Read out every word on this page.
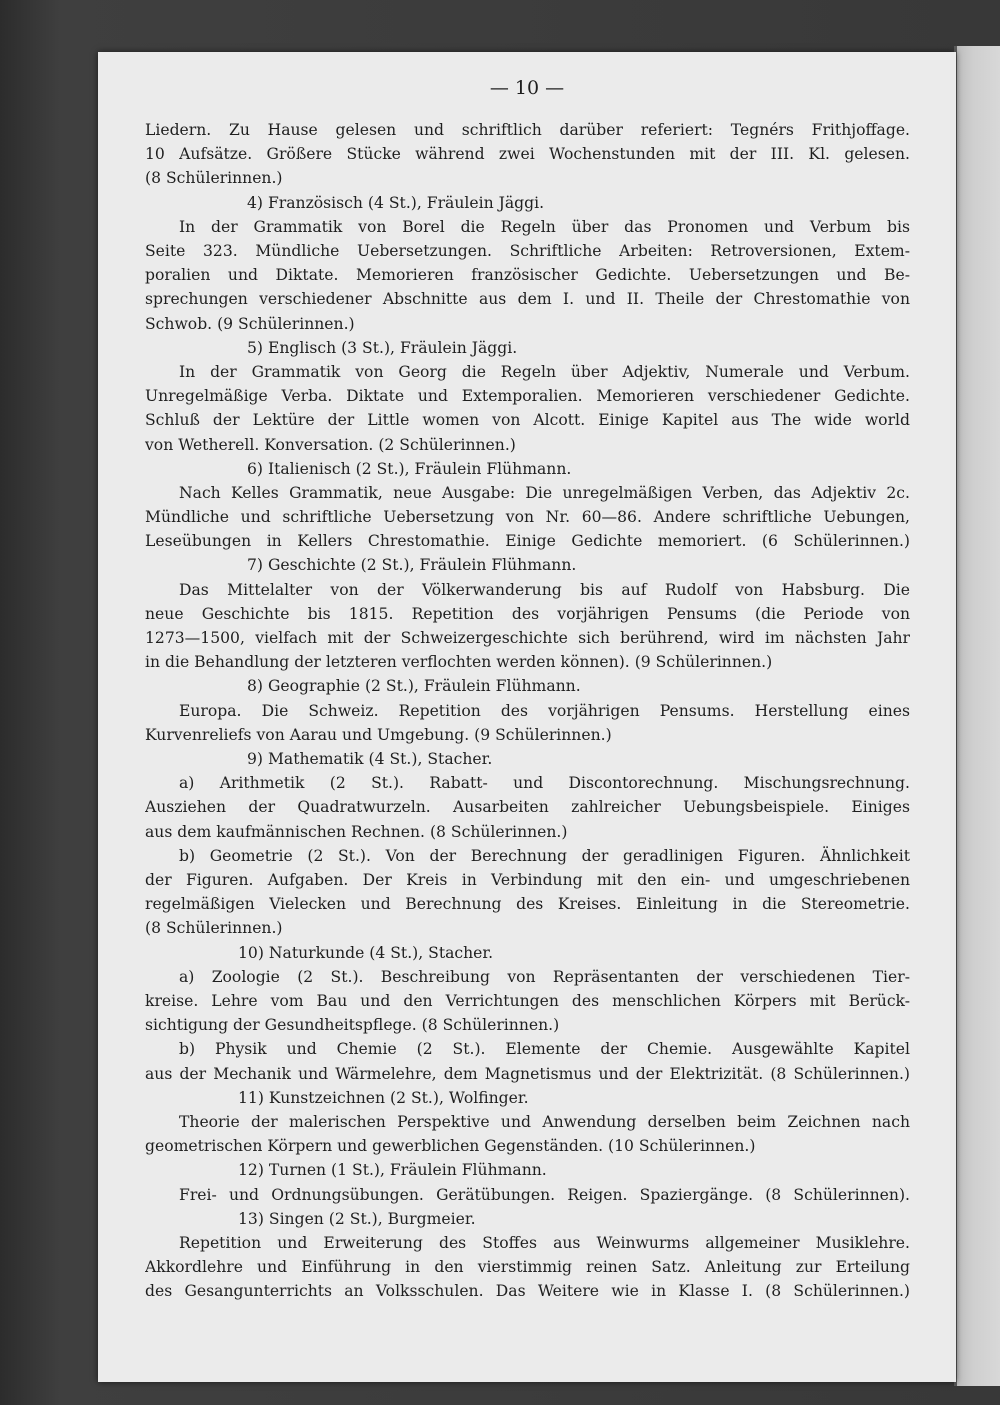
— 10 —
Liedern. Zu Hause gelesen und schriftlich darüber referiert: Tegnérs Frithjoffage.
10 Aufsätze. Größere Stücke während zwei Wochenstunden mit der III. Kl. gelesen.
(8 Schülerinnen.)
4) Französisch (4 St.), Fräulein Jäggi.
In der Grammatik von Borel die Regeln über das Pronomen und Verbum bis
Seite 323. Mündliche Uebersetzungen. Schriftliche Arbeiten: Retroversionen, Extem-
poralien und Diktate. Memorieren französischer Gedichte. Uebersetzungen und Be-
sprechungen verschiedener Abschnitte aus dem I. und II. Theile der Chrestomathie von
Schwob. (9 Schülerinnen.)
5) Englisch (3 St.), Fräulein Jäggi.
In der Grammatik von Georg die Regeln über Adjektiv, Numerale und Verbum.
Unregelmäßige Verba. Diktate und Extemporalien. Memorieren verschiedener Gedichte.
Schluß der Lektüre der Little women von Alcott. Einige Kapitel aus The wide world
von Wetherell. Konversation. (2 Schülerinnen.)
6) Italienisch (2 St.), Fräulein Flühmann.
Nach Kelles Grammatik, neue Ausgabe: Die unregelmäßigen Verben, das Adjektiv 2c.
Mündliche und schriftliche Uebersetzung von Nr. 60—86. Andere schriftliche Uebungen,
Leseübungen in Kellers Chrestomathie. Einige Gedichte memoriert. (6 Schülerinnen.)
7) Geschichte (2 St.), Fräulein Flühmann.
Das Mittelalter von der Völkerwanderung bis auf Rudolf von Habsburg. Die
neue Geschichte bis 1815. Repetition des vorjährigen Pensums (die Periode von
1273—1500, vielfach mit der Schweizergeschichte sich berührend, wird im nächsten Jahr
in die Behandlung der letzteren verflochten werden können). (9 Schülerinnen.)
8) Geographie (2 St.), Fräulein Flühmann.
Europa. Die Schweiz. Repetition des vorjährigen Pensums. Herstellung eines
Kurvenreliefs von Aarau und Umgebung. (9 Schülerinnen.)
9) Mathematik (4 St.), Stacher.
a) Arithmetik (2 St.). Rabatt- und Discontorechnung. Mischungsrechnung.
Ausziehen der Quadratwurzeln. Ausarbeiten zahlreicher Uebungsbeispiele. Einiges
aus dem kaufmännischen Rechnen. (8 Schülerinnen.)
b) Geometrie (2 St.). Von der Berechnung der geradlinigen Figuren. Ähnlichkeit
der Figuren. Aufgaben. Der Kreis in Verbindung mit den ein- und umgeschriebenen
regelmäßigen Vielecken und Berechnung des Kreises. Einleitung in die Stereometrie.
(8 Schülerinnen.)
10) Naturkunde (4 St.), Stacher.
a) Zoologie (2 St.). Beschreibung von Repräsentanten der verschiedenen Tier-
kreise. Lehre vom Bau und den Verrichtungen des menschlichen Körpers mit Berück-
sichtigung der Gesundheitspflege. (8 Schülerinnen.)
b) Physik und Chemie (2 St.). Elemente der Chemie. Ausgewählte Kapitel
aus der Mechanik und Wärmelehre, dem Magnetismus und der Elektrizität. (8 Schülerinnen.)
11) Kunstzeichnen (2 St.), Wolfinger.
Theorie der malerischen Perspektive und Anwendung derselben beim Zeichnen nach
geometrischen Körpern und gewerblichen Gegenständen. (10 Schülerinnen.)
12) Turnen (1 St.), Fräulein Flühmann.
Frei- und Ordnungsübungen. Gerätübungen. Reigen. Spaziergänge. (8 Schülerinnen).
13) Singen (2 St.), Burgmeier.
Repetition und Erweiterung des Stoffes aus Weinwurms allgemeiner Musiklehre.
Akkordlehre und Einführung in den vierstimmig reinen Satz. Anleitung zur Erteilung
des Gesangunterrichts an Volksschulen. Das Weitere wie in Klasse I. (8 Schülerinnen.)
